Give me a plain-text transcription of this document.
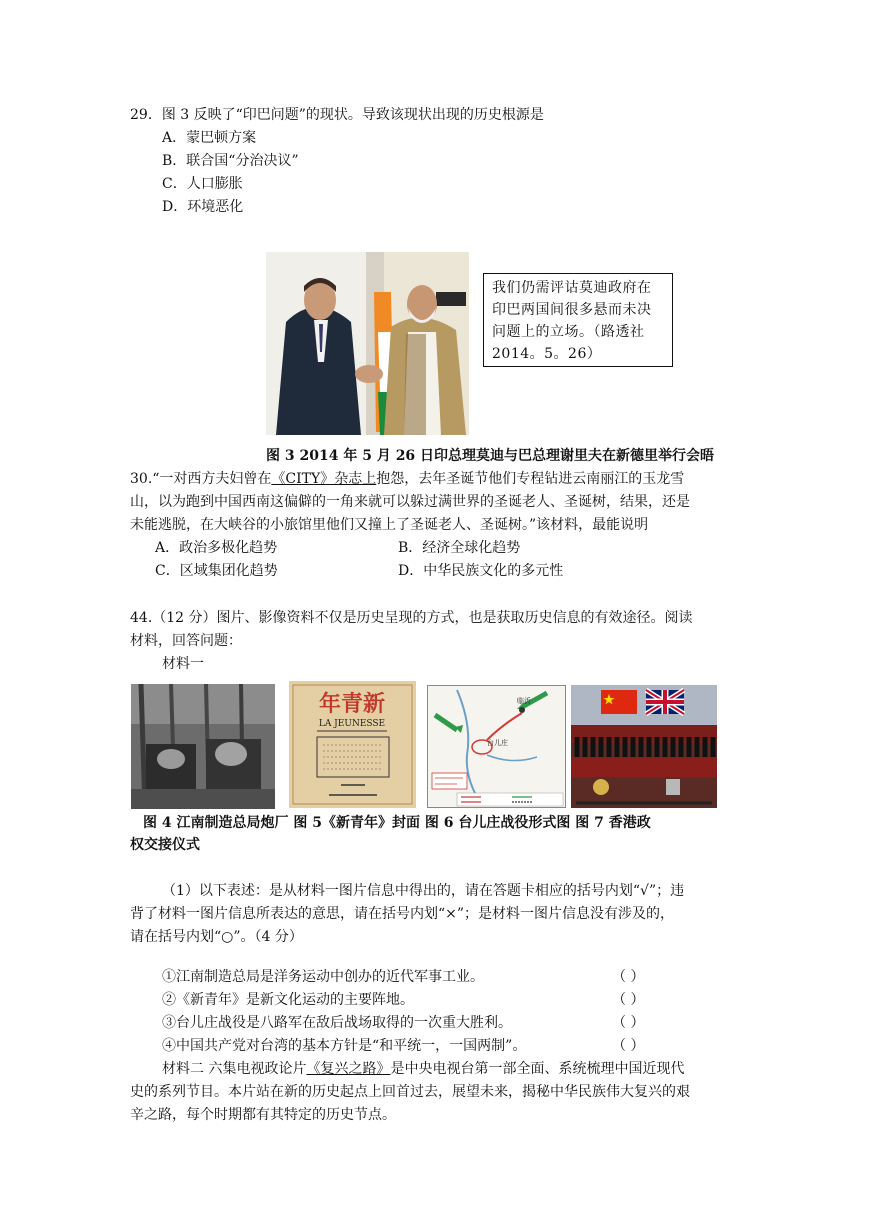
29．图 3 反映了“印巴问题”的现状。导致该现状出现的历史根源是
A．蒙巴顿方案
B．联合国“分治决议”
C．人口膨胀
D．环境恶化
我们仍需评诂莫迪政府在印巴两国间很多悬而未决问题上的立场。（路透社 2014。5。26）
图 3 2014 年 5 月 26 日印总理莫迪与巴总理谢里夫在新德里举行会晤
30.“一对西方夫妇曾在《CITY》杂志上抱怨，去年圣诞节他们专程钻进云南丽江的玉龙雪
山，以为跑到中国西南这偏僻的一角来就可以躲过满世界的圣诞老人、圣诞树，结果，还是
未能逃脱，在大峡谷的小旅馆里他们又撞上了圣诞老人、圣诞树。”该材料，最能说明
A．政治多极化趋势	B．经济全球化趋势
C．区域集团化趋势	D．中华民族文化的多元性
44.（12 分）图片、影像资料不仅是历史呈现的方式，也是获取历史信息的有效途径。阅读
材料，回答问题：
材料一
年青新
LA JEUNESSE
临沂
台儿庄
图 4 江南制造总局炮厂 图 5《新青年》封面 图 6 台儿庄战役形式图 图 7 香港政
权交接仪式
（1）以下表述：是从材料一图片信息中得出的，请在答题卡相应的括号内划“√”；违
背了材料一图片信息所表达的意思，请在括号内划“×”；是材料一图片信息没有涉及的，
请在括号内划“○”。（4 分）
①江南制造总局是洋务运动中创办的近代军事工业。	（ ）
②《新青年》是新文化运动的主要阵地。	（ ）
③台儿庄战役是八路军在敌后战场取得的一次重大胜利。	（ ）
④中国共产党对台湾的基本方针是“和平统一，一国两制”。	（ ）
材料二 六集电视政论片《复兴之路》是中央电视台第一部全面、系统梳理中国近现代
史的系列节目。本片站在新的历史起点上回首过去，展望未来，揭秘中华民族伟大复兴的艰
辛之路，每个时期都有其特定的历史节点。
